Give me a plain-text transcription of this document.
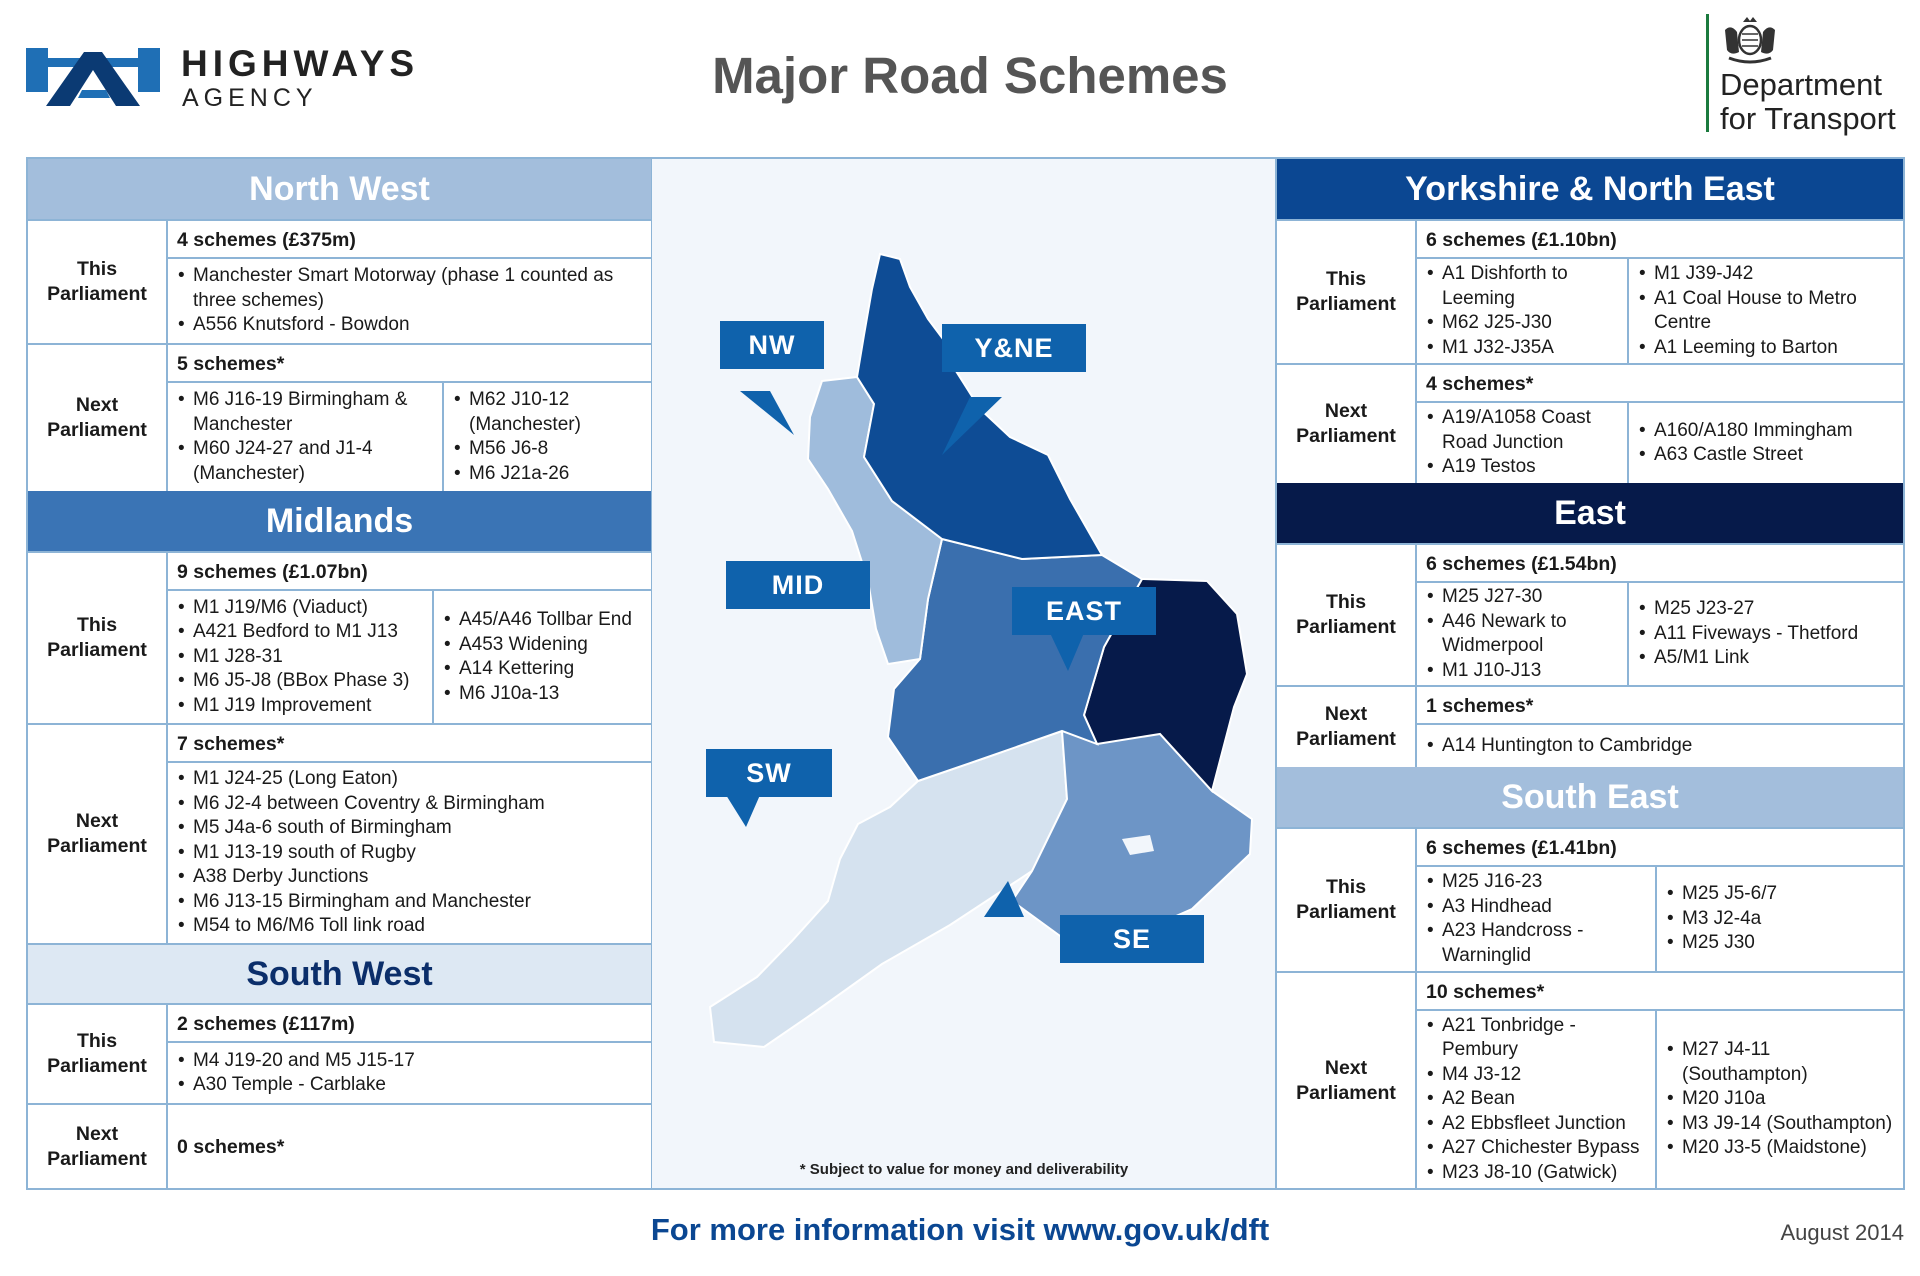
HIGHWAYS
AGENCY	Major Road Schemes	Department
for Transport
North West
This Parliament
4 schemes (£375m)
• Manchester Smart Motorway (phase 1 counted as three schemes)
• A556 Knutsford - Bowdon
Next Parliament
5 schemes*
• M6 J16-19 Birmingham & Manchester
• M60 J24-27 and J1-4 (Manchester)
• M62 J10-12 (Manchester)
• M56 J6-8
• M6 J21a-26
Midlands
This Parliament
9 schemes (£1.07bn)
• M1 J19/M6 (Viaduct)
• A421 Bedford to M1 J13
• M1 J28-31
• M6 J5-J8 (BBox Phase 3)
• M1 J19 Improvement
• A45/A46 Tollbar End
• A453 Widening
• A14 Kettering
• M6 J10a-13
Next Parliament
7 schemes*
• M1 J24-25 (Long Eaton)
• M6 J2-4 between Coventry & Birmingham
• M5 J4a-6 south of Birmingham
• M1 J13-19 south of Rugby
• A38 Derby Junctions
• M6 J13-15 Birmingham and Manchester
• M54 to M6/M6 Toll link road
South West
This Parliament
2 schemes (£117m)
• M4 J19-20 and M5 J15-17
• A30 Temple - Carblake
Next Parliament
0 schemes*
NW	Y&NE
EAST
MID
SW
SE
* Subject to value for money and deliverability
Yorkshire & North East
This Parliament
6 schemes (£1.10bn)
• A1 Dishforth to Leeming
• M62 J25-J30
• M1 J32-J35A
• M1 J39-J42
• A1 Coal House to Metro Centre
• A1 Leeming to Barton
Next Parliament
4 schemes*
• A19/A1058 Coast Road Junction
• A19 Testos
• A160/A180 Immingham
• A63 Castle Street
East
This Parliament
6 schemes (£1.54bn)
• M25 J27-30
• A46 Newark to Widmerpool
• M1 J10-J13
• M25 J23-27
• A11 Fiveways - Thetford
• A5/M1 Link
Next Parliament
1 schemes*
• A14 Huntington to Cambridge
South East
This Parliament
6 schemes (£1.41bn)
• M25 J16-23
• A3 Hindhead
• A23 Handcross - Warninglid
• M25 J5-6/7
• M3 J2-4a
• M25 J30
Next Parliament
10 schemes*
• A21 Tonbridge - Pembury
• M4 J3-12
• A2 Bean
• A2 Ebbsfleet Junction
• A27 Chichester Bypass
• M23 J8-10 (Gatwick)
• M27 J4-11 (Southampton)
• M20 J10a
• M3 J9-14 (Southampton)
• M20 J3-5 (Maidstone)
For more information visit www.gov.uk/dft	August 2014
